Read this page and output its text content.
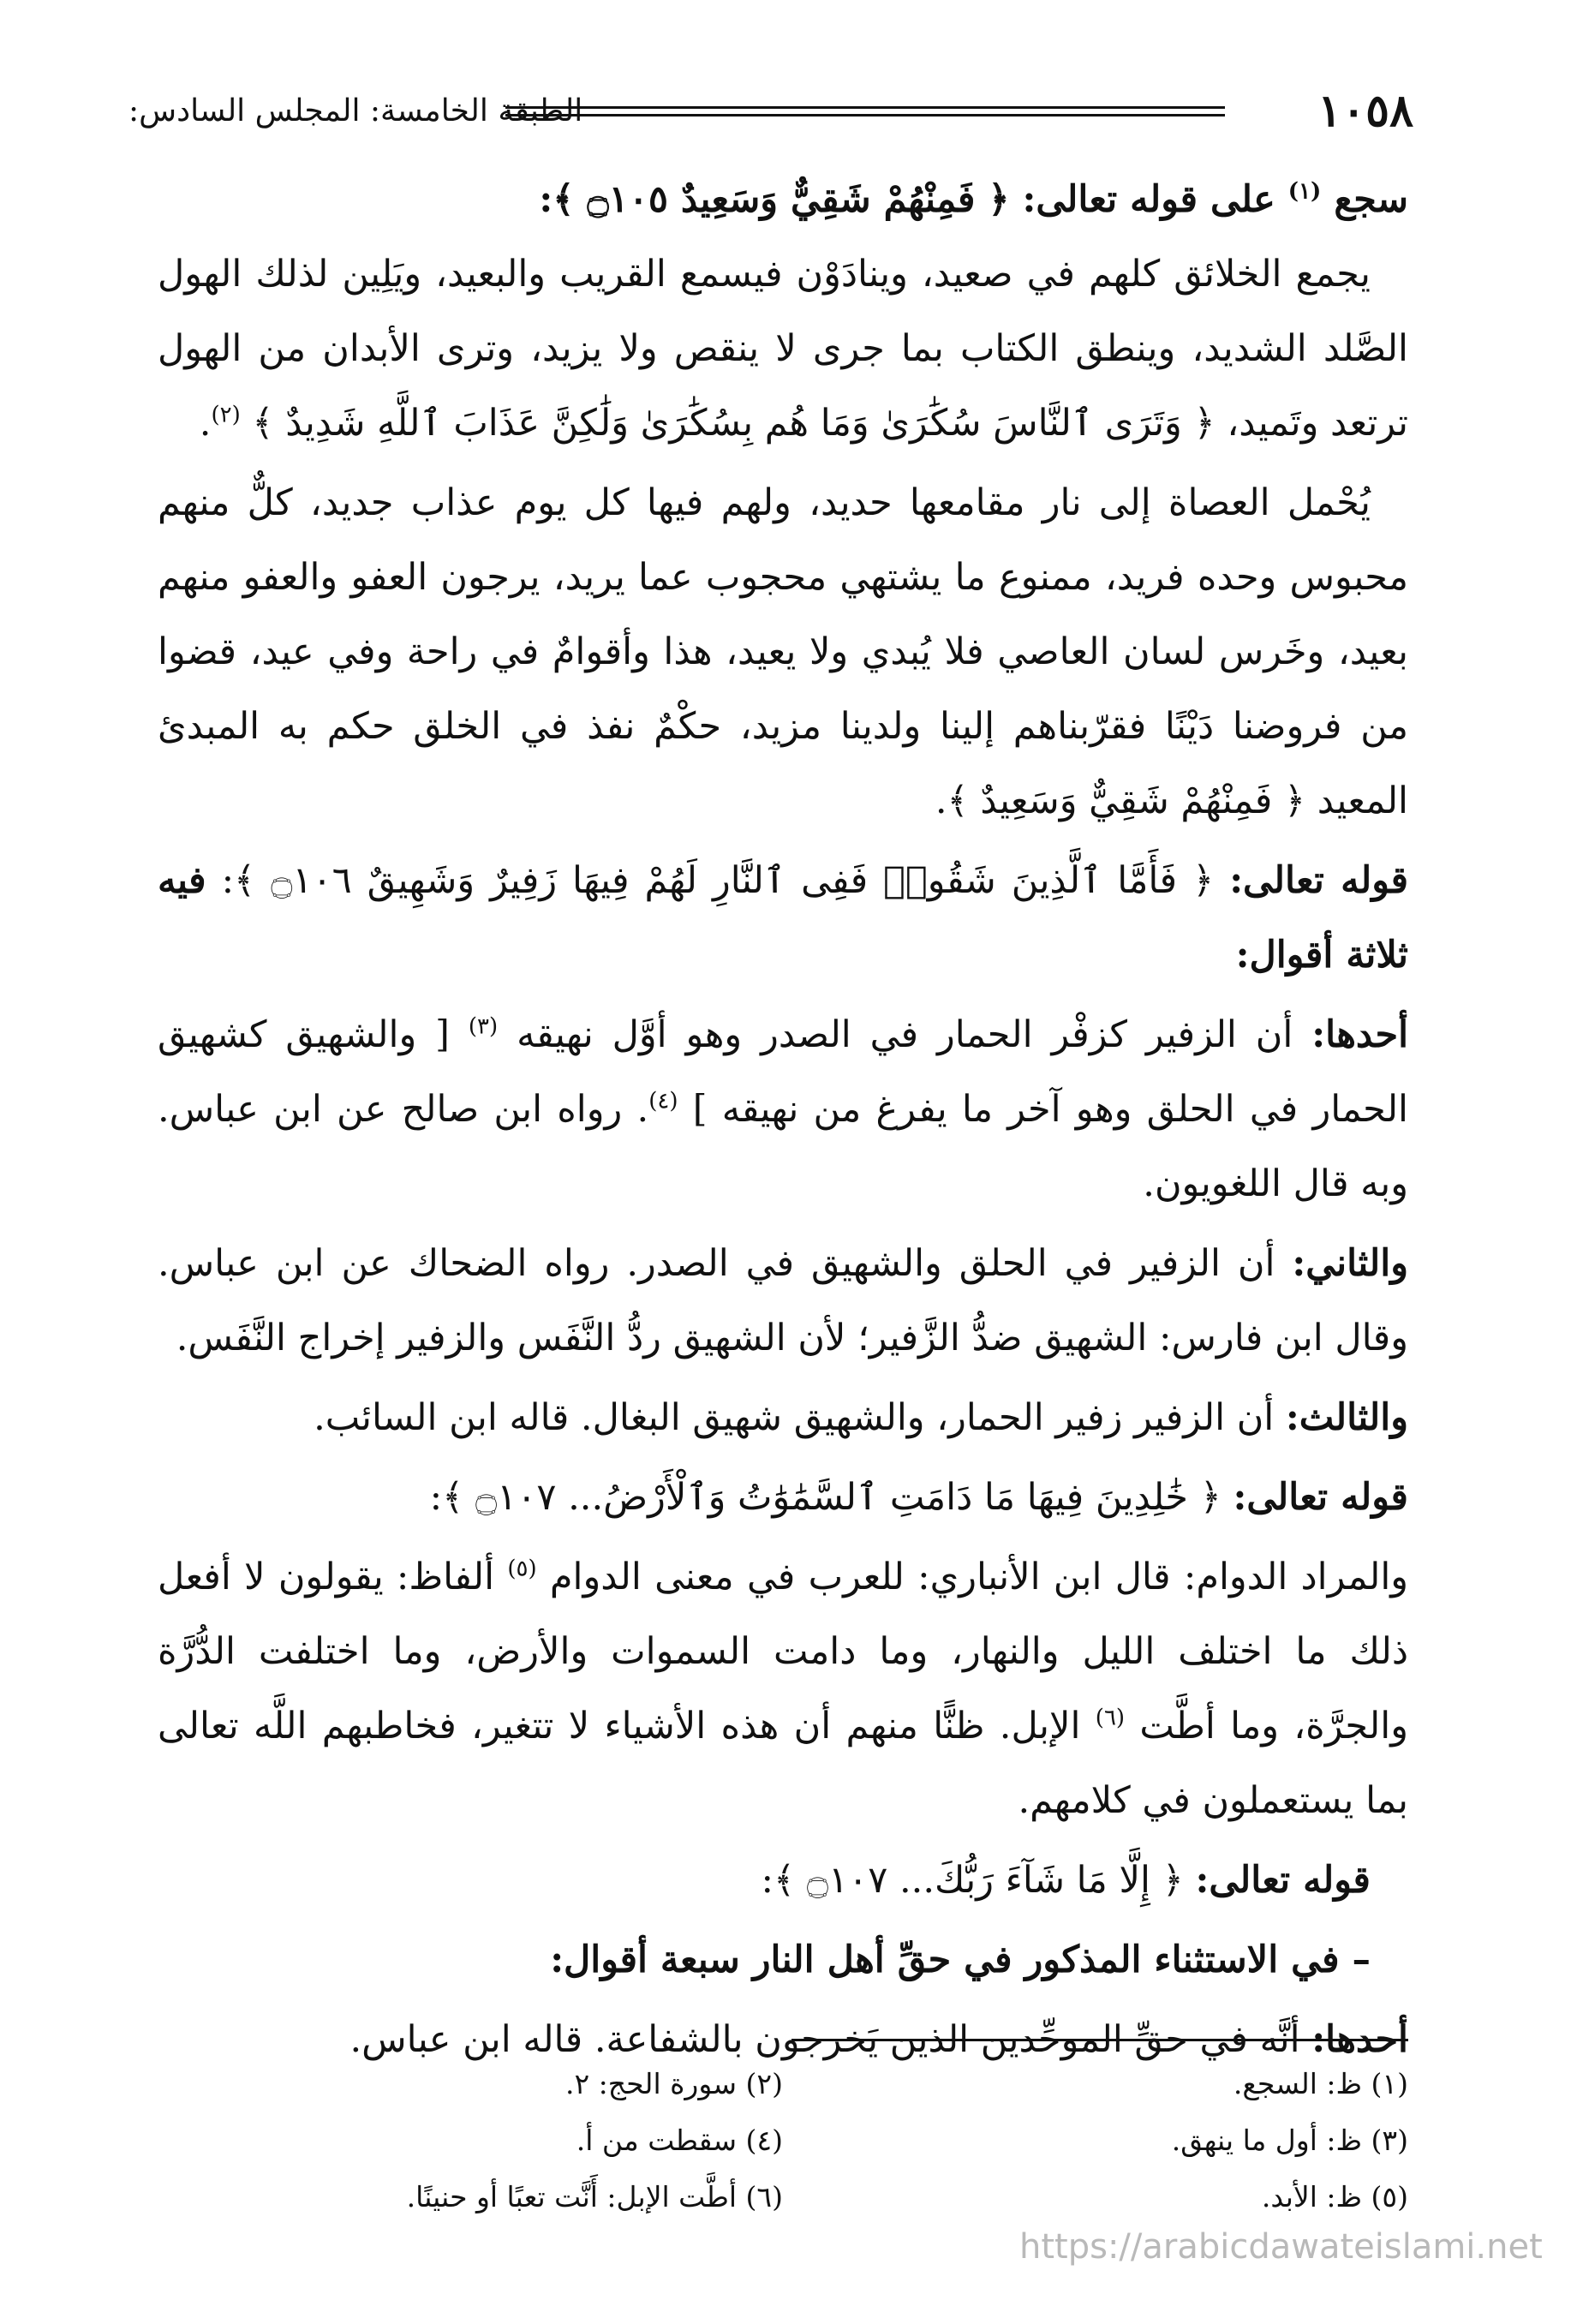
١٠٥٨
الطبقة الخامسة: المجلس السادس:

سجع $^{(١)}$ على قوله تعالى: ﴿ فَمِنْهُمْ شَقِيٌّ وَسَعِيدٌ ۝١٠٥ ﴾:

يجمع الخلائق كلهم في صعيد، وينادَوْن فيسمع القريب والبعيد، ويَلِين لذلك الهول الصَّلد الشديد، وينطق الكتاب بما جرى لا ينقص ولا يزيد، وترى الأبدان من الهول ترتعد وتَميد، ﴿ وَتَرَى ٱلنَّاسَ سُكَٰرَىٰ وَمَا هُم بِسُكَٰرَىٰ وَلَٰكِنَّ عَذَابَ ٱللَّهِ شَدِيدٌ ﴾ $^{(٢)}$.

يُحْمل العصاة إلى نار مقامعها حديد، ولهم فيها كل يوم عذاب جديد، كلٌّ منهم محبوس وحده فريد، ممنوع ما يشتهي محجوب عما يريد، يرجون العفو والعفو منهم بعيد، وخَرس لسان العاصي فلا يُبدي ولا يعيد، هذا وأقوامٌ في راحة وفي عيد، قضوا من فروضنا دَيْنًا فقرّبناهم إلينا ولدينا مزيد، حكْمٌ نفذ في الخلق حكم به المبدئ المعيد ﴿ فَمِنْهُمْ شَقِيٌّ وَسَعِيدٌ ﴾.

قوله تعالى: ﴿ فَأَمَّا ٱلَّذِينَ شَقُوا۟ فَفِى ٱلنَّارِ لَهُمْ فِيهَا زَفِيرٌ وَشَهِيقٌ ۝١٠٦ ﴾: فيه ثلاثة أقوال:

أحدها: أن الزفير كزفْر الحمار في الصدر وهو أوَّل نهيقه $^{(٣)}$ [ والشهيق كشهيق الحمار في الحلق وهو آخر ما يفرغ من نهيقه ] $^{(٤)}$. رواه ابن صالح عن ابن عباس. وبه قال اللغويون.

والثاني: أن الزفير في الحلق والشهيق في الصدر. رواه الضحاك عن ابن عباس. وقال ابن فارس: الشهيق ضدُّ الزَّفير؛ لأن الشهيق ردُّ النَّفَس والزفير إخراج النَّفَس.

والثالث: أن الزفير زفير الحمار، والشهيق شهيق البغال. قاله ابن السائب.

قوله تعالى: ﴿ خَٰلِدِينَ فِيهَا مَا دَامَتِ ٱلسَّمَٰوَٰتُ وَٱلْأَرْضُ... ۝١٠٧ ﴾:

والمراد الدوام: قال ابن الأنباري: للعرب في معنى الدوام $^{(٥)}$ ألفاظ: يقولون لا أفعل ذلك ما اختلف الليل والنهار، وما دامت السموات والأرض، وما اختلفت الدُّرَّة والجرَّة، وما أطَّت $^{(٦)}$ الإبل. ظنًّا منهم أن هذه الأشياء لا تتغير، فخاطبهم اللَّه تعالى بما يستعملون في كلامهم.

قوله تعالى: ﴿ إِلَّا مَا شَآءَ رَبُّكَ... ۝١٠٧ ﴾:

– في الاستثناء المذكور في حقِّ أهل النار سبعة أقوال:

أحدها: أنَّه في حقِّ الموحِّدين الذين يَخرجون بالشفاعة. قاله ابن عباس.

(١) ظ: السجع.
(٢) سورة الحج: ٢.
(٣) ظ: أول ما ينهق.
(٤) سقطت من أ.
(٥) ظ: الأبد.
(٦) أطَّت الإبل: أَنَّت تعبًا أو حنينًا.
https://arabicdawateislami.net
